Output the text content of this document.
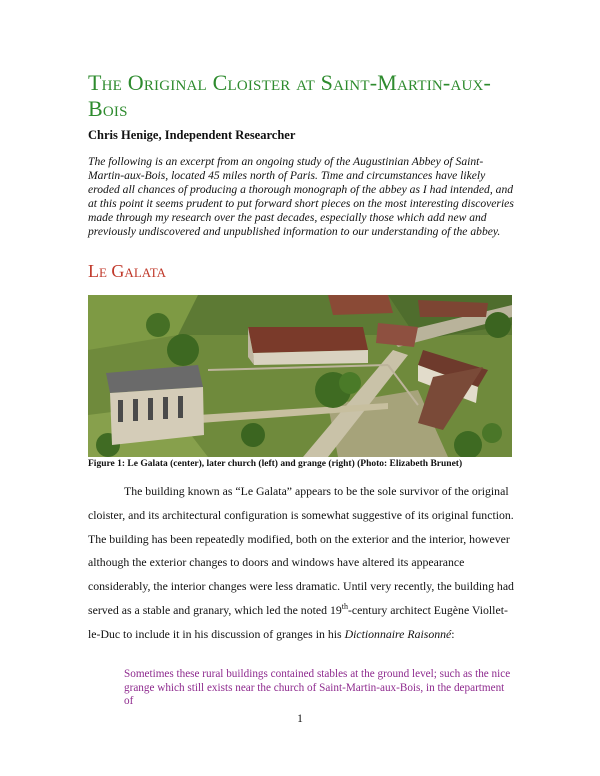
The Original Cloister at Saint-Martin-aux-Bois
Chris Henige, Independent Researcher
The following is an excerpt from an ongoing study of the Augustinian Abbey of Saint-Martin-aux-Bois, located 45 miles north of Paris. Time and circumstances have likely eroded all chances of producing a thorough monograph of the abbey as I had intended, and at this point it seems prudent to put forward short pieces on the most interesting discoveries made through my research over the past decades, especially those which add new and previously undiscovered and unpublished information to our understanding of the abbey.
Le Galata
Figure 1: Le Galata (center), later church (left) and grange (right) (Photo: Elizabeth Brunet)

The building known as “Le Galata” appears to be the sole survivor of the original cloister, and its architectural configuration is somewhat suggestive of its original function. The building has been repeatedly modified, both on the exterior and the interior, however although the exterior changes to doors and windows have altered its appearance considerably, the interior changes were less dramatic. Until very recently, the building had served as a stable and granary, which led the noted 19th-century architect Eugène Viollet-le-Duc to include it in his discussion of granges in his Dictionnaire Raisonné:

Sometimes these rural buildings contained stables at the ground level; such as the nice grange which still exists near the church of Saint-Martin-aux-Bois, in the department of
1
